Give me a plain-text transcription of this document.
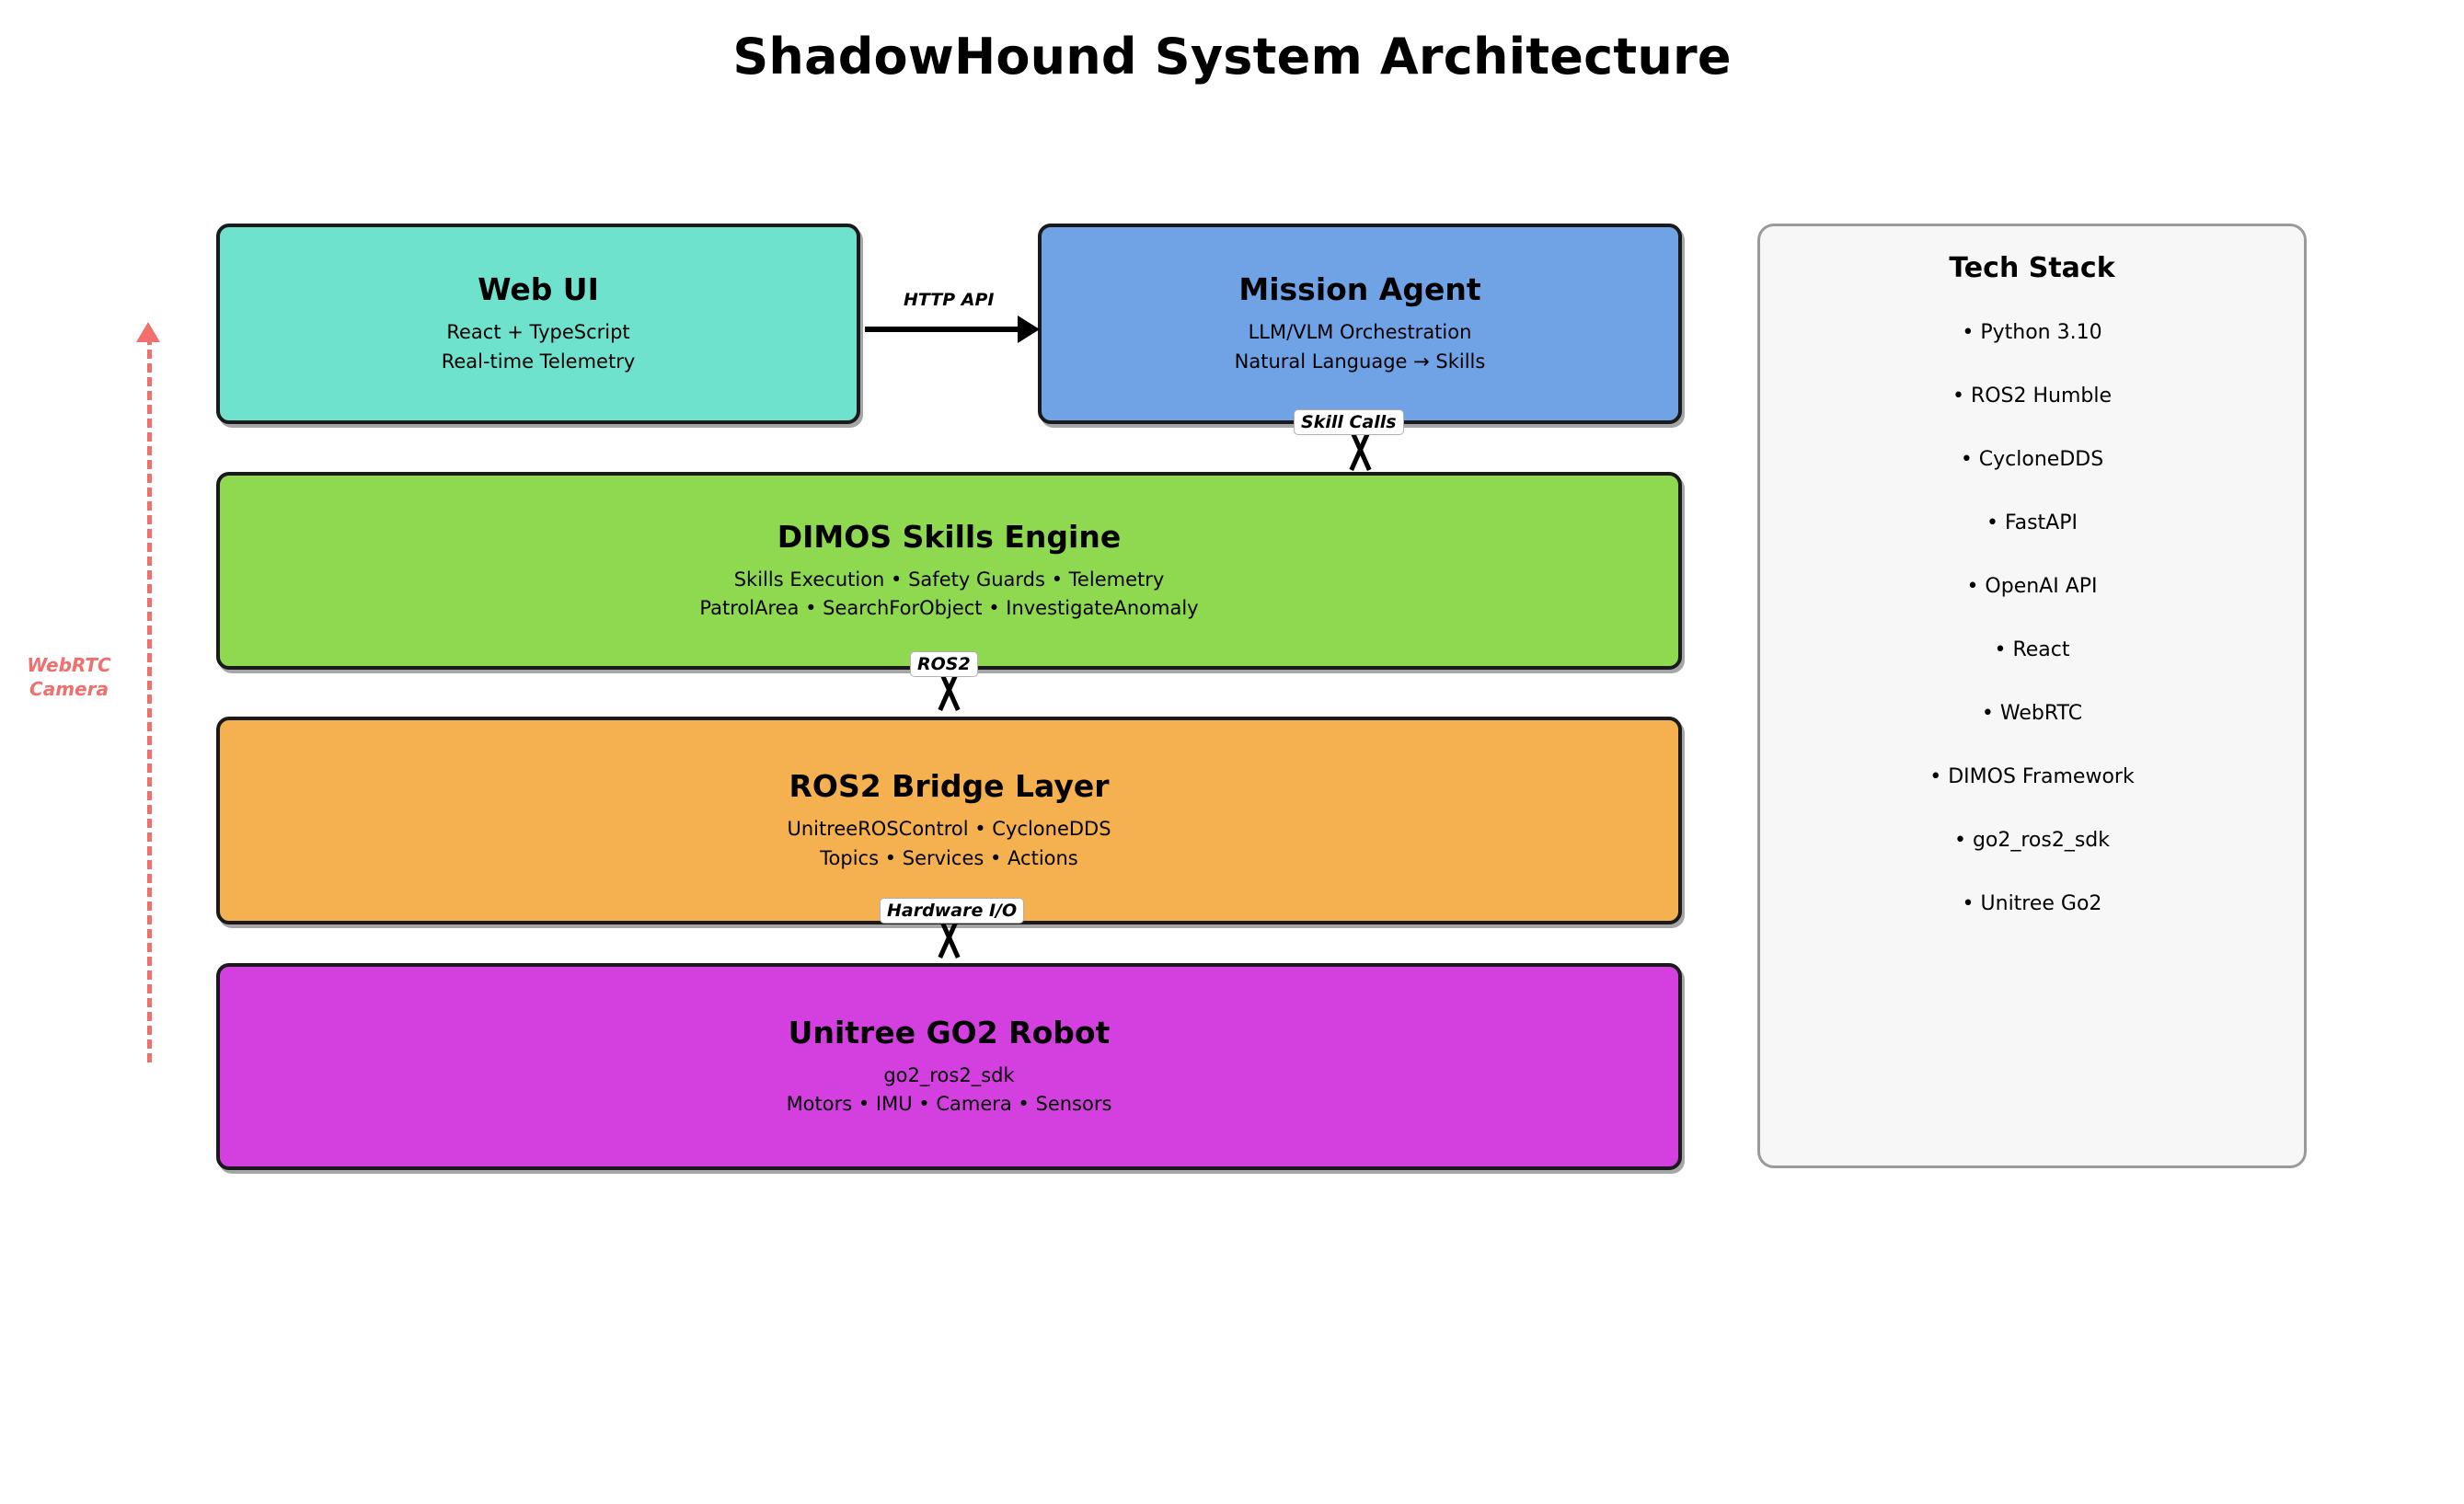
ShadowHound System Architecture
Web UI
React + TypeScript
Real-time Telemetry
Mission Agent
LLM/VLM Orchestration
Natural Language → Skills
DIMOS Skills Engine
Skills Execution • Safety Guards • Telemetry
PatrolArea • SearchForObject • InvestigateAnomaly
ROS2 Bridge Layer
UnitreeROSControl • CycloneDDS
Topics • Services • Actions
Unitree GO2 Robot
go2_ros2_sdk
Motors • IMU • Camera • Sensors
HTTP API
Skill Calls
ROS2
Hardware I/O
WebRTC
Camera
Tech Stack
• Python 3.10
• ROS2 Humble
• CycloneDDS
• FastAPI
• OpenAI API
• React
• WebRTC
• DIMOS Framework
• go2_ros2_sdk
• Unitree Go2
